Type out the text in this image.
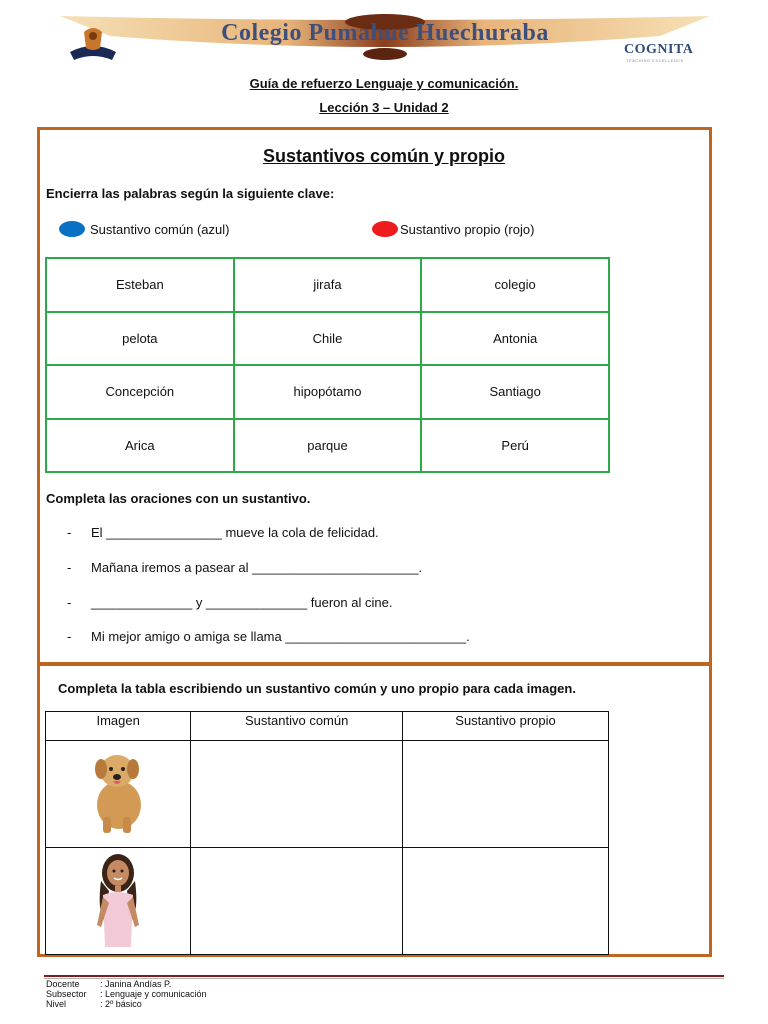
Colegio Pumahue Huechuraba
COGNITA
TEACHING EXCELLENCE
Guía de refuerzo Lenguaje y comunicación.
Lección 3 – Unidad 2
Sustantivos común y propio
Encierra las palabras según la siguiente clave:
Sustantivo común (azul)	Sustantivo propio (rojo)
Esteban	jirafa	colegio
pelota	Chile	Antonia
Concepción	hipopótamo	Santiago
Arica	parque	Perú
Completa las oraciones con un sustantivo.
- El ________________ mueve la cola de felicidad.
- Mañana iremos a pasear al _______________________.
- ______________ y ______________ fueron al cine.
- Mi mejor amigo o amiga se llama _________________________.
Completa la tabla escribiendo un sustantivo común y uno propio para cada imagen.
Imagen	Sustantivo común	Sustantivo propio

Docente : Janina Andías P.
Subsector : Lenguaje y comunicación
Nivel	: 2º básico
